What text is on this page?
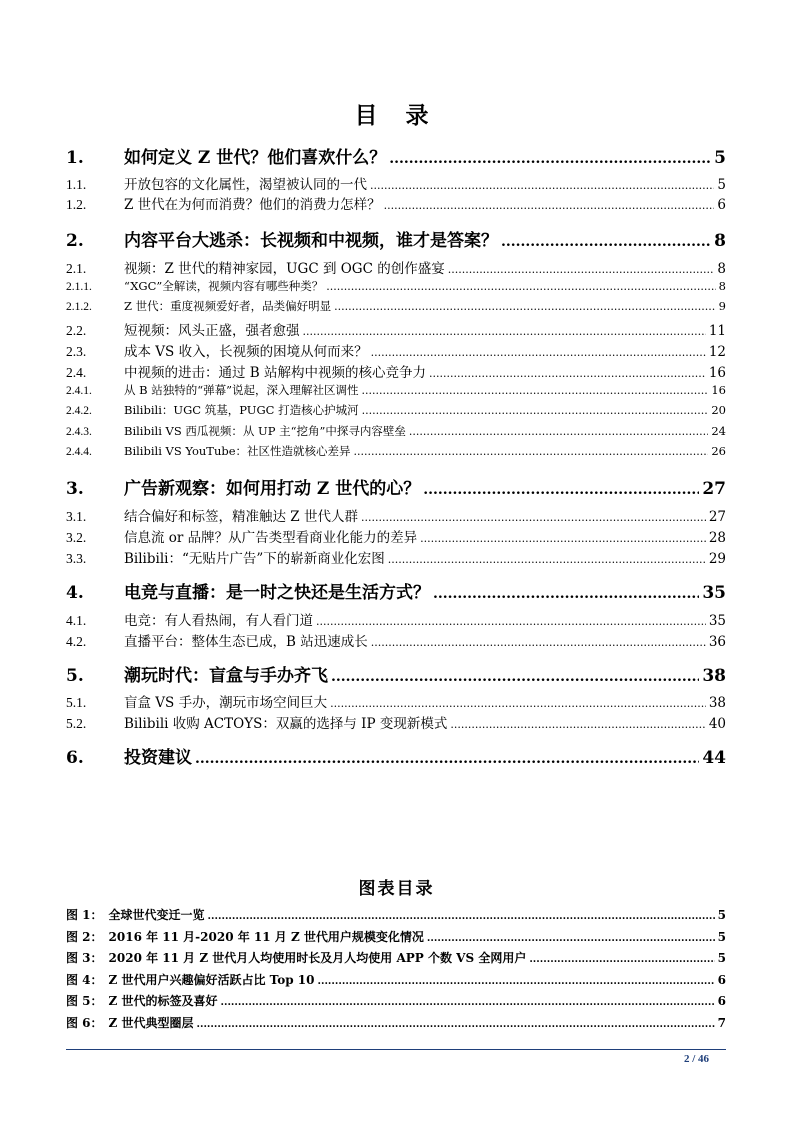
目 录
1.	如何定义 Z 世代？他们喜欢什么？ .....	5
1.1.	开放包容的文化属性，渴望被认同的一代 .....	5
1.2.	Z 世代在为何而消费？他们的消费力怎样？ .....	6
2.	内容平台大逃杀：长视频和中视频，谁才是答案？ .....	8
2.1.	视频：Z 世代的精神家园，UGC 到 OGC 的创作盛宴 .....	8
2.1.1.	“XGC”全解读，视频内容有哪些种类？ .....	8
2.1.2.	Z 世代：重度视频爱好者，品类偏好明显 .....	9
2.2.	短视频：风头正盛，强者愈强 .....	11
2.3.	成本 VS 收入，长视频的困境从何而来？ .....	12
2.4.	中视频的进击：通过 B 站解构中视频的核心竞争力 .....	16
2.4.1.	从 B 站独特的“弹幕”说起，深入理解社区调性 .....	16
2.4.2.	Bilibili：UGC 筑基，PUGC 打造核心护城河 .....	20
2.4.3.	Bilibili VS 西瓜视频：从 UP 主“挖角”中探寻内容壁垒 .....	24
2.4.4.	Bilibili VS YouTube：社区性造就核心差异 .....	26
3.	广告新观察：如何用打动 Z 世代的心？ .....	27
3.1.	结合偏好和标签，精准触达 Z 世代人群 .....	27
3.2.	信息流 or 品牌？从广告类型看商业化能力的差异 .....	28
3.3.	Bilibili：“无贴片广告”下的崭新商业化宏图 .....	29
4.	电竞与直播：是一时之快还是生活方式？ .....	35
4.1.	电竞：有人看热闹，有人看门道 .....	35
4.2.	直播平台：整体生态已成，B 站迅速成长 .....	36
5.	潮玩时代：盲盒与手办齐飞 .....	38
5.1.	盲盒 VS 手办，潮玩市场空间巨大 .....	38
5.2.	Bilibili 收购 ACTOYS：双赢的选择与 IP 变现新模式 .....	40
6.	投资建议 .....	44
图表目录
图 1： 全球世代变迁一览 .....	5
图 2： 2016 年 11 月-2020 年 11 月 Z 世代用户规模变化情况 .....	5
图 3： 2020 年 11 月 Z 世代月人均使用时长及月人均使用 APP 个数 VS 全网用户 .....	5
图 4： Z 世代用户兴趣偏好活跃占比 Top 10 .....	6
图 5： Z 世代的标签及喜好 .....	6
图 6： Z 世代典型圈层 .....	7
2 / 46
